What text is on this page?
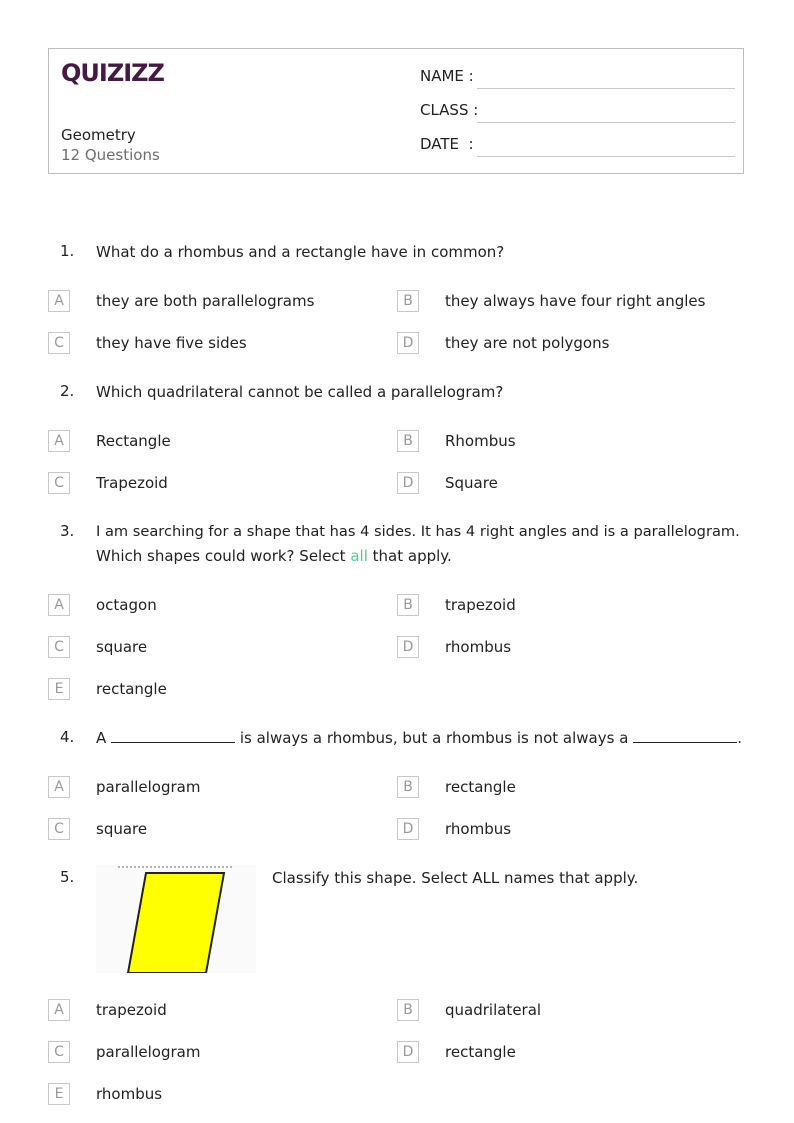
QUIZIZZ
Geometry
12 Questions
NAME :
CLASS :
DATE  :
1. What do a rhombus and a rectangle have in common?
A	they are both parallelograms	B	they always have four right angles
C	they have five sides	D	they are not polygons
2. Which quadrilateral cannot be called a parallelogram?
A	Rectangle	B	Rhombus
C	Trapezoid	D	Square
3. I am searching for a shape that has 4 sides. It has 4 right angles and is a parallelogram.
Which shapes could work? Select all that apply.
A	octagon	B	trapezoid
C	square	D	rhombus
E	rectangle
4. A	is always a rhombus, but a rhombus is not always a	.
A	parallelogram	B	rectangle
C	square	D	rhombus
5.	Classify this shape. Select ALL names that apply.
A	trapezoid	B	quadrilateral
C	parallelogram	D	rectangle
E	rhombus
